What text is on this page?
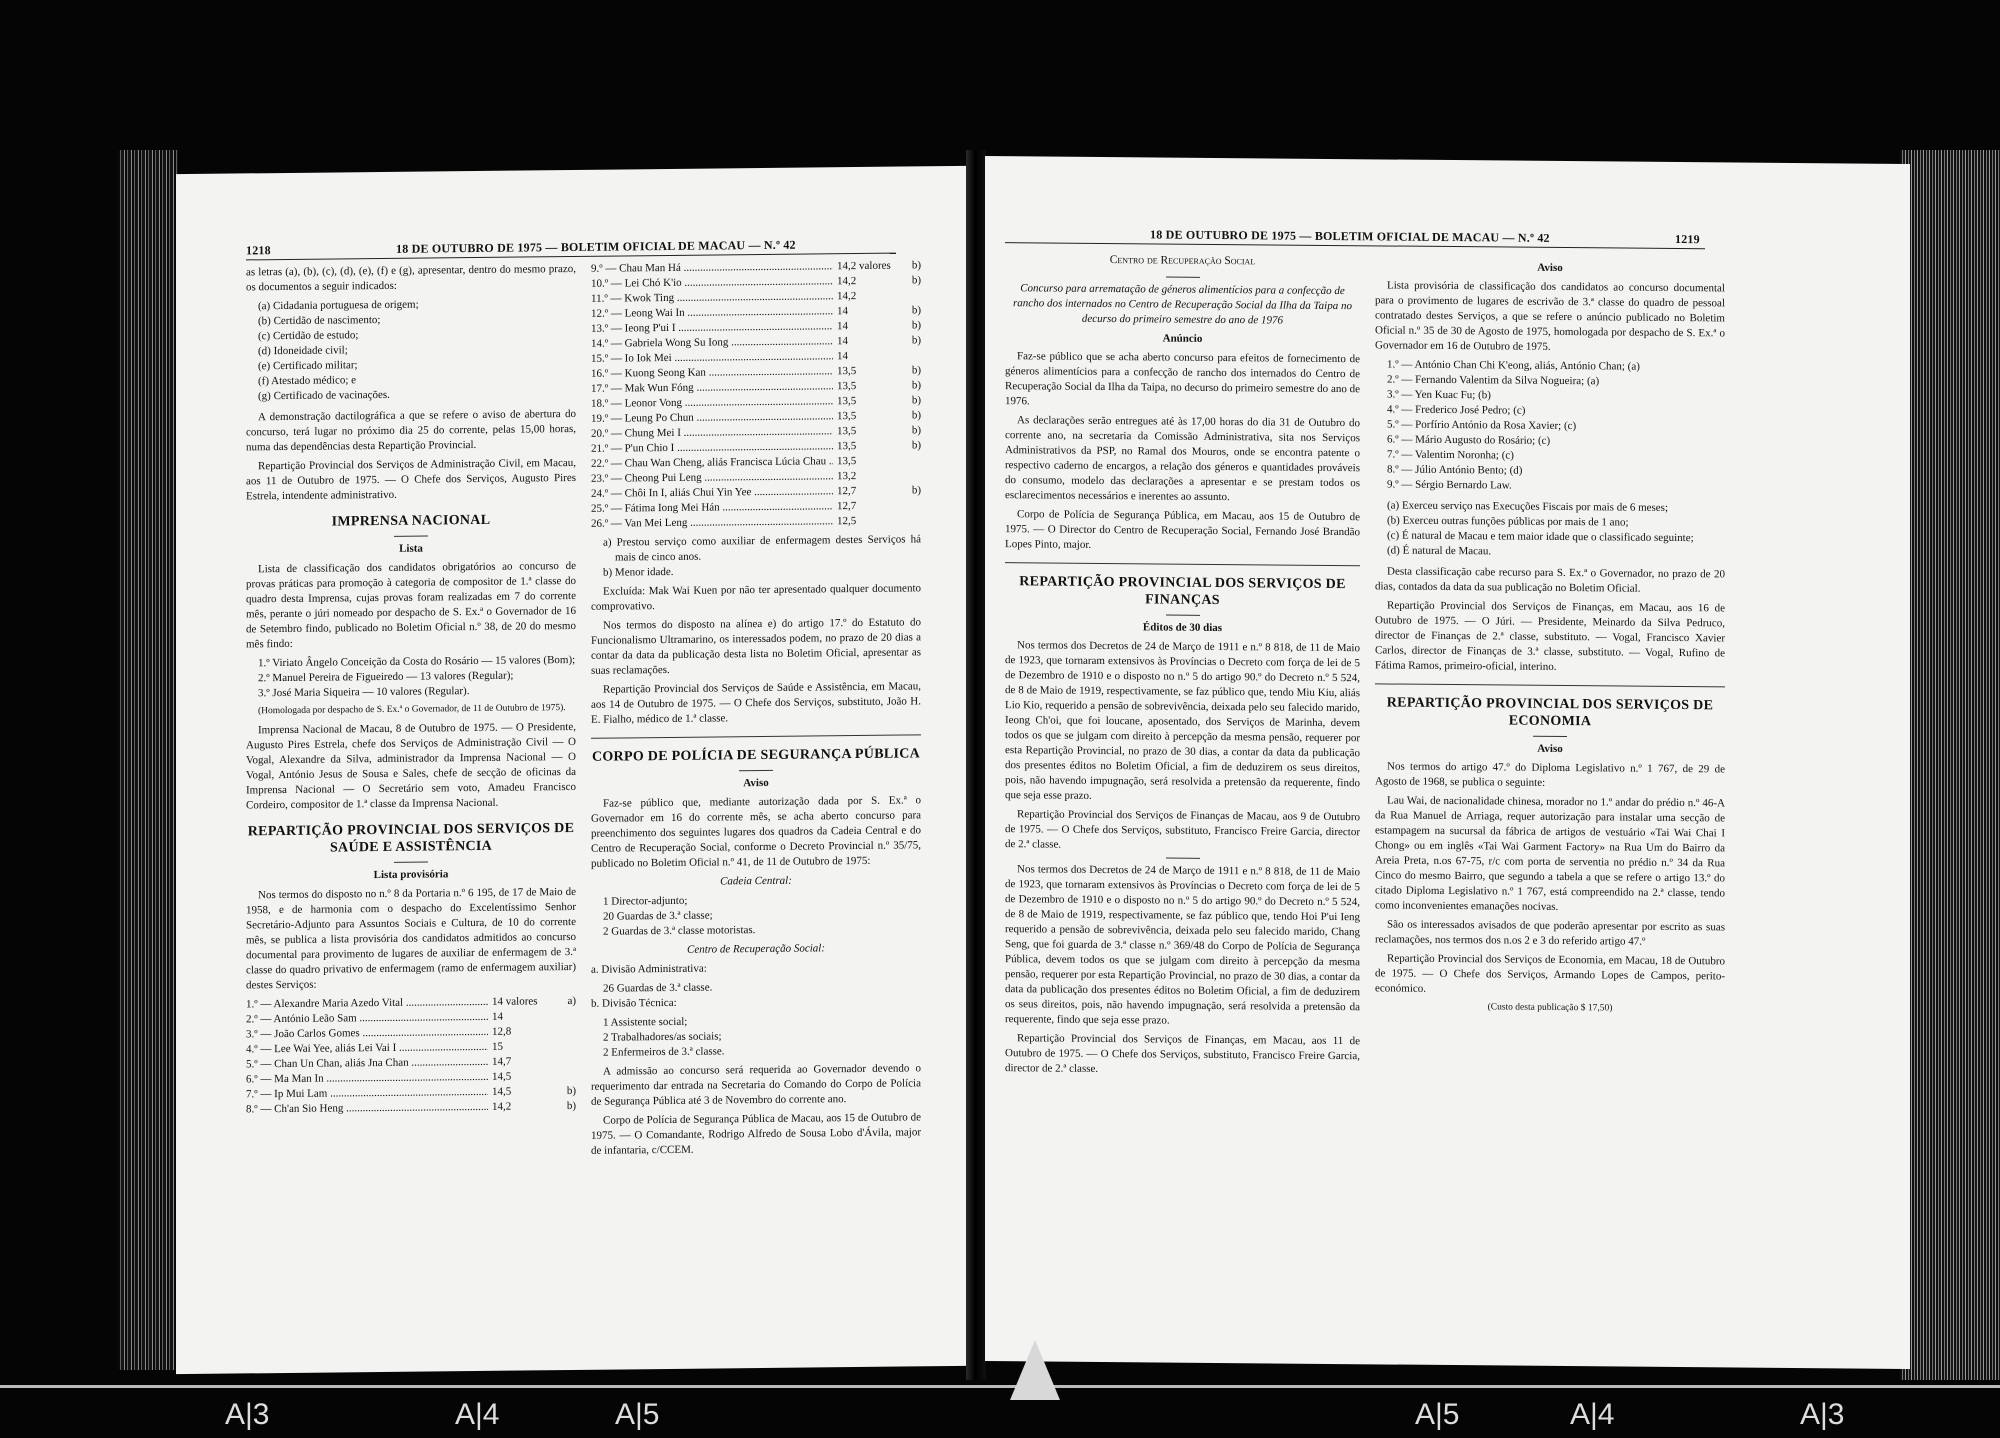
1218	18 DE OUTUBRO DE 1975 — BOLETIM OFICIAL DE MACAU — N.º 42

as letras (a), (b), (c), (d), (e), (f) e (g), apresentar, dentro do mesmo prazo, os documentos a seguir indicados:

(a) Cidadania portuguesa de origem;
(b) Certidão de nascimento;
(c) Certidão de estudo;
(d) Idoneidade civil;
(e) Certificado militar;
(f) Atestado médico; e
(g) Certificado de vacinações.

A demonstração dactilográfica a que se refere o aviso de abertura do concurso, terá lugar no próximo dia 25 do corrente, pelas 15,00 horas, numa das dependências desta Repartição Provincial.

Repartição Provincial dos Serviços de Administração Civil, em Macau, aos 11 de Outubro de 1975. — O Chefe dos Serviços, Augusto Pires Estrela, intendente administrativo.

IMPRENSA NACIONAL
Lista

Lista de classificação dos candidatos obrigatórios ao concurso de provas práticas para promoção à categoria de compositor de 1.ª classe do quadro desta Imprensa, cujas provas foram realizadas em 7 do corrente mês, perante o júri nomeado por despacho de S. Ex.ª o Governador de 16 de Setembro findo, publicado no Boletim Oficial n.º 38, de 20 do mesmo mês findo:

1.º Viriato Ângelo Conceição da Costa do Rosário — 15 valores (Bom);
2.º Manuel Pereira de Figueiredo — 13 valores (Regular);
3.º José Maria Siqueira — 10 valores (Regular).

(Homologada por despacho de S. Ex.ª o Governador, de 11 de Outubro de 1975).

Imprensa Nacional de Macau, 8 de Outubro de 1975. — O Presidente, Augusto Pires Estrela, chefe dos Serviços de Administração Civil — O Vogal, Alexandre da Silva, administrador da Imprensa Nacional — O Vogal, António Jesus de Sousa e Sales, chefe de secção de oficinas da Imprensa Nacional — O Secretário sem voto, Amadeu Francisco Cordeiro, compositor de 1.ª classe da Imprensa Nacional.

REPARTIÇÃO PROVINCIAL DOS SERVIÇOS DE SAÚDE E ASSISTÊNCIA
Lista provisória

Nos termos do disposto no n.º 8 da Portaria n.º 6 195, de 17 de Maio de 1958, e de harmonia com o despacho do Excelentíssimo Senhor Secretário-Adjunto para Assuntos Sociais e Cultura, de 10 do corrente mês, se publica a lista provisória dos candidatos admitidos ao concurso documental para provimento de lugares de auxiliar de enfermagem de 3.ª classe do quadro privativo de enfermagem (ramo de enfermagem auxiliar) destes Serviços:

1.º — Alexandre Maria Azedo Vital .....	14 valores	a)
2.º — António Leão Sam .....	14
3.º — João Carlos Gomes .....	12,8
4.º — Lee Wai Yee, aliás Lei Vai I .....	15
5.º — Chan Un Chan, aliás Jna Chan .....	14,7
6.º — Ma Man In .....	14,5
7.º — Ip Mui Lam .....	14,5	b)
8.º — Ch'an Sio Heng .....	14,2	b)
9.º — Chau Man Há .....	14,2 valores	b)
10.º — Lei Chó K'io .....	14,2	b)
11.º — Kwok Ting .....	14,2
12.º — Leong Wai In .....	14	b)
13.º — Ieong P'ui I .....	14	b)
14.º — Gabriela Wong Su Iong .....	14	b)
15.º — Io Iok Mei .....	14
16.º — Kuong Seong Kan .....	13,5	b)
17.º — Mak Wun Fóng .....	13,5	b)
18.º — Leonor Vong .....	13,5	b)
19.º — Leung Po Chun .....	13,5	b)
20.º — Chung Mei I .....	13,5	b)
21.º — P'un Chio I .....	13,5	b)
22.º — Chau Wan Cheng, aliás Francisca Lúcia Chau ..... 13,5
23.º — Cheong Pui Leng .....	13,2
24.º — Chôi In I, aliás Chui Yin Yee .....	12,7	b)
25.º — Fátima Iong Mei Hán .....	12,7
26.º — Van Mei Leng .....	12,5
a) Prestou serviço como auxiliar de enfermagem destes Serviços há mais de cinco anos.
b) Menor idade.

Excluída: Mak Wai Kuen por não ter apresentado qualquer documento comprovativo.

Nos termos do disposto na alínea e) do artigo 17.º do Estatuto do Funcionalismo Ultramarino, os interessados podem, no prazo de 20 dias a contar da data da publicação desta lista no Boletim Oficial, apresentar as suas reclamações.

Repartição Provincial dos Serviços de Saúde e Assistência, em Macau, aos 14 de Outubro de 1975. — O Chefe dos Serviços, substituto, João H. E. Fialho, médico de 1.ª classe.

CORPO DE POLÍCIA DE SEGURANÇA PÚBLICA
Aviso

Faz-se público que, mediante autorização dada por S. Ex.ª o Governador em 16 do corrente mês, se acha aberto concurso para preenchimento dos seguintes lugares dos quadros da Cadeia Central e do Centro de Recuperação Social, conforme o Decreto Provincial n.º 35/75, publicado no Boletim Oficial n.º 41, de 11 de Outubro de 1975:

Cadeia Central:

1 Director-adjunto;
20 Guardas de 3.ª classe;
2 Guardas de 3.ª classe motoristas.

Centro de Recuperação Social:

a. Divisão Administrativa:

26 Guardas de 3.ª classe.

b. Divisão Técnica:

1 Assistente social;
2 Trabalhadores/as sociais;
2 Enfermeiros de 3.ª classe.

A admissão ao concurso será requerida ao Governador devendo o requerimento dar entrada na Secretaria do Comando do Corpo de Polícia de Segurança Pública até 3 de Novembro do corrente ano.

Corpo de Polícia de Segurança Pública de Macau, aos 15 de Outubro de 1975. — O Comandante, Rodrigo Alfredo de Sousa Lobo d'Ávila, major de infantaria, c/CCEM.

18 DE OUTUBRO DE 1975 — BOLETIM OFICIAL DE MACAU — N.º 42	1219

Centro de Recuperação Social

Concurso para arrematação de géneros alimentícios para a confecção de rancho dos internados no Centro de Recuperação Social da Ilha da Taipa no decurso do primeiro semestre do ano de 1976

Anúncio

Faz-se público que se acha aberto concurso para efeitos de fornecimento de géneros alimentícios para a confecção de rancho dos internados do Centro de Recuperação Social da Ilha da Taipa, no decurso do primeiro semestre do ano de 1976.

As declarações serão entregues até às 17,00 horas do dia 31 de Outubro do corrente ano, na secretaria da Comissão Administrativa, sita nos Serviços Administrativos da PSP, no Ramal dos Mouros, onde se encontra patente o respectivo caderno de encargos, a relação dos géneros e quantidades prováveis do consumo, modelo das declarações a apresentar e se prestam todos os esclarecimentos necessários e inerentes ao assunto.

Corpo de Polícia de Segurança Pública, em Macau, aos 15 de Outubro de 1975. — O Director do Centro de Recuperação Social, Fernando José Brandão Lopes Pinto, major.

REPARTIÇÃO PROVINCIAL DOS SERVIÇOS DE FINANÇAS
Éditos de 30 dias

Nos termos dos Decretos de 24 de Março de 1911 e n.º 8 818, de 11 de Maio de 1923, que tornaram extensivos às Províncias o Decreto com força de lei de 5 de Dezembro de 1910 e o disposto no n.º 5 do artigo 90.º do Decreto n.º 5 524, de 8 de Maio de 1919, respectivamente, se faz público que, tendo Miu Kiu, aliás Lio Kio, requerido a pensão de sobrevivência, deixada pelo seu falecido marido, Ieong Ch'oi, que foi loucane, aposentado, dos Serviços de Marinha, devem todos os que se julgam com direito à percepção da mesma pensão, requerer por esta Repartição Provincial, no prazo de 30 dias, a contar da data da publicação dos presentes éditos no Boletim Oficial, a fim de deduzirem os seus direitos, pois, não havendo impugnação, será resolvida a pretensão da requerente, findo que seja esse prazo.

Repartição Provincial dos Serviços de Finanças de Macau, aos 9 de Outubro de 1975. — O Chefe dos Serviços, substituto, Francisco Freire Garcia, director de 2.ª classe.

Nos termos dos Decretos de 24 de Março de 1911 e n.º 8 818, de 11 de Maio de 1923, que tornaram extensivos às Províncias o Decreto com força de lei de 5 de Dezembro de 1910 e o disposto no n.º 5 do artigo 90.º do Decreto n.º 5 524, de 8 de Maio de 1919, respectivamente, se faz público que, tendo Hoi P'ui Ieng requerido a pensão de sobrevivência, deixada pelo seu falecido marido, Chang Seng, que foi guarda de 3.ª classe n.º 369/48 do Corpo de Polícia de Segurança Pública, devem todos os que se julgam com direito à percepção da mesma pensão, requerer por esta Repartição Provincial, no prazo de 30 dias, a contar da data da publicação dos presentes éditos no Boletim Oficial, a fim de deduzirem os seus direitos, pois, não havendo impugnação, será resolvida a pretensão da requerente, findo que seja esse prazo.

Repartição Provincial dos Serviços de Finanças, em Macau, aos 11 de Outubro de 1975. — O Chefe dos Serviços, substituto, Francisco Freire Garcia, director de 2.ª classe.

Aviso

Lista provisória de classificação dos candidatos ao concurso documental para o provimento de lugares de escrivão de 3.ª classe do quadro de pessoal contratado destes Serviços, a que se refere o anúncio publicado no Boletim Oficial n.º 35 de 30 de Agosto de 1975, homologada por despacho de S. Ex.ª o Governador em 16 de Outubro de 1975.

1.º — António Chan Chi K'eong, aliás, António Chan; (a)
2.º — Fernando Valentim da Silva Nogueira; (a)
3.º — Yen Kuac Fu; (b)
4.º — Frederico José Pedro; (c)
5.º — Porfírio António da Rosa Xavier; (c)
6.º — Mário Augusto do Rosário; (c)
7.º — Valentim Noronha; (c)
8.º — Júlio António Bento; (d)
9.º — Sérgio Bernardo Law.
(a) Exerceu serviço nas Execuções Fiscais por mais de 6 meses;
(b) Exerceu outras funções públicas por mais de 1 ano;
(c) É natural de Macau e tem maior idade que o classificado seguinte;
(d) É natural de Macau.

Desta classificação cabe recurso para S. Ex.ª o Governador, no prazo de 20 dias, contados da data da sua publicação no Boletim Oficial.

Repartição Provincial dos Serviços de Finanças, em Macau, aos 16 de Outubro de 1975. — O Júri. — Presidente, Meinardo da Silva Pedruco, director de Finanças de 2.ª classe, substituto. — Vogal, Francisco Xavier Carlos, director de Finanças de 3.ª classe, substituto. — Vogal, Rufino de Fátima Ramos, primeiro-oficial, interino.

REPARTIÇÃO PROVINCIAL DOS SERVIÇOS DE ECONOMIA
Aviso

Nos termos do artigo 47.º do Diploma Legislativo n.º 1 767, de 29 de Agosto de 1968, se publica o seguinte:

Lau Wai, de nacionalidade chinesa, morador no 1.º andar do prédio n.º 46-A da Rua Manuel de Arriaga, requer autorização para instalar uma secção de estampagem na sucursal da fábrica de artigos de vestuário «Tai Wai Chai I Chong» ou em inglês «Tai Wai Garment Factory» na Rua Um do Bairro da Areia Preta, n.os 67-75, r/c com porta de serventia no prédio n.º 34 da Rua Cinco do mesmo Bairro, que segundo a tabela a que se refere o artigo 13.º do citado Diploma Legislativo n.º 1 767, está compreendido na 2.ª classe, tendo como inconvenientes emanações nocivas.

São os interessados avisados de que poderão apresentar por escrito as suas reclamações, nos termos dos n.os 2 e 3 do referido artigo 47.º

Repartição Provincial dos Serviços de Economia, em Macau, 18 de Outubro de 1975. — O Chefe dos Serviços, Armando Lopes de Campos, perito-económico.

(Custo desta publicação $ 17,50)

A|3	A|4	A|5	A|5	A|4	A|3
